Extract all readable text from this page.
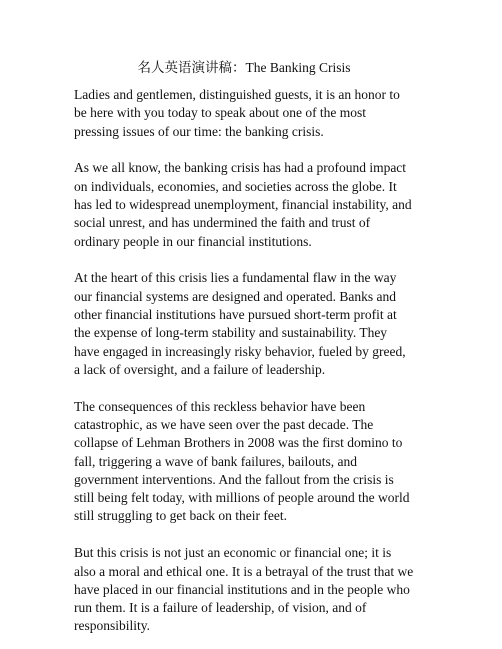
名人英语演讲稿：The Banking Crisis

Ladies and gentlemen, distinguished guests, it is an honor to be here with you today to speak about one of the most pressing issues of our time: the banking crisis.

As we all know, the banking crisis has had a profound impact on individuals, economies, and societies across the globe. It has led to widespread unemployment, financial instability, and social unrest, and has undermined the faith and trust of ordinary people in our financial institutions.

At the heart of this crisis lies a fundamental flaw in the way our financial systems are designed and operated. Banks and other financial institutions have pursued short-term profit at the expense of long-term stability and sustainability. They have engaged in increasingly risky behavior, fueled by greed, a lack of oversight, and a failure of leadership.

The consequences of this reckless behavior have been catastrophic, as we have seen over the past decade. The collapse of Lehman Brothers in 2008 was the first domino to fall, triggering a wave of bank failures, bailouts, and government interventions. And the fallout from the crisis is still being felt today, with millions of people around the world still struggling to get back on their feet.

But this crisis is not just an economic or financial one; it is also a moral and ethical one. It is a betrayal of the trust that we have placed in our financial institutions and in the people who run them. It is a failure of leadership, of vision, and of responsibility.
